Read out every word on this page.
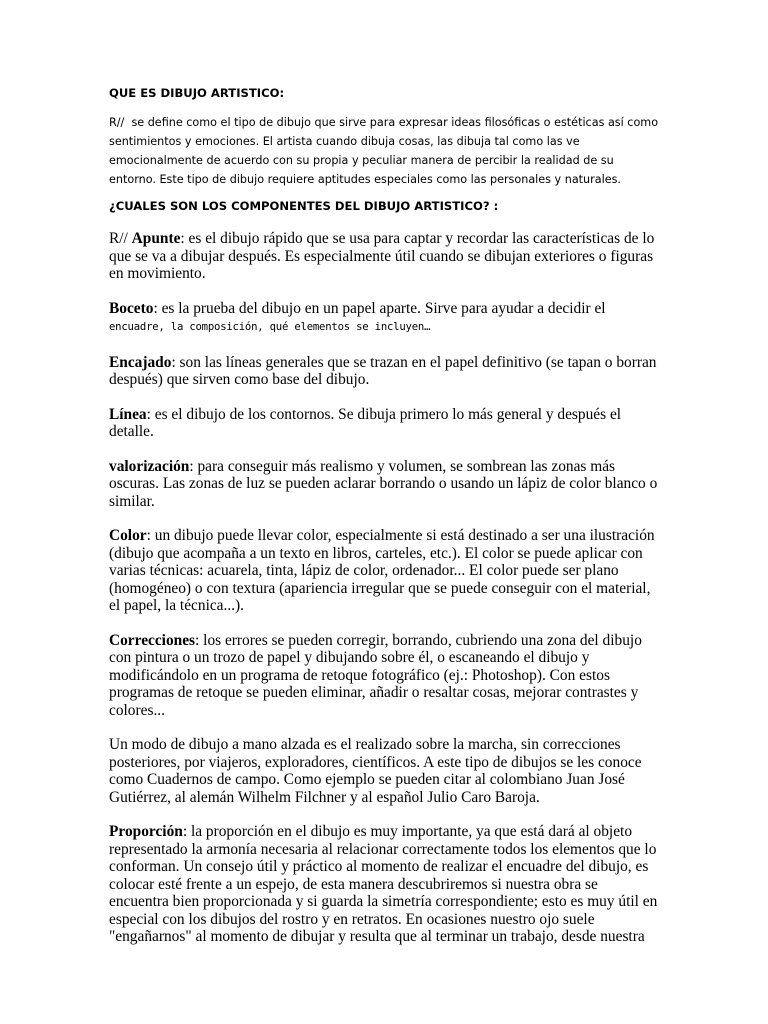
QUE ES DIBUJO ARTISTICO:

R//  se define como el tipo de dibujo que sirve para expresar ideas filosóficas o estéticas así como sentimientos y emociones. El artista cuando dibuja cosas, las dibuja tal como las ve emocionalmente de acuerdo con su propia y peculiar manera de percibir la realidad de su entorno. Este tipo de dibujo requiere aptitudes especiales como las personales y naturales.

¿CUALES SON LOS COMPONENTES DEL DIBUJO ARTISTICO? :

R// Apunte: es el dibujo rápido que se usa para captar y recordar las características de lo que se va a dibujar después. Es especialmente útil cuando se dibujan exteriores o figuras en movimiento.

Boceto: es la prueba del dibujo en un papel aparte. Sirve para ayudar a decidir el
encuadre, la composición, qué elementos se incluyen…

Encajado: son las líneas generales que se trazan en el papel definitivo (se tapan o borran después) que sirven como base del dibujo.

Línea: es el dibujo de los contornos. Se dibuja primero lo más general y después el detalle.

valorización: para conseguir más realismo y volumen, se sombrean las zonas más oscuras. Las zonas de luz se pueden aclarar borrando o usando un lápiz de color blanco o similar.

Color: un dibujo puede llevar color, especialmente si está destinado a ser una ilustración (dibujo que acompaña a un texto en libros, carteles, etc.). El color se puede aplicar con varias técnicas: acuarela, tinta, lápiz de color, ordenador... El color puede ser plano (homogéneo) o con textura (apariencia irregular que se puede conseguir con el material, el papel, la técnica...).

Correcciones: los errores se pueden corregir, borrando, cubriendo una zona del dibujo con pintura o un trozo de papel y dibujando sobre él, o escaneando el dibujo y modificándolo en un programa de retoque fotográfico (ej.: Photoshop). Con estos programas de retoque se pueden eliminar, añadir o resaltar cosas, mejorar contrastes y colores...

Un modo de dibujo a mano alzada es el realizado sobre la marcha, sin correcciones posteriores, por viajeros, exploradores, científicos. A este tipo de dibujos se les conoce como Cuadernos de campo. Como ejemplo se pueden citar al colombiano Juan José Gutiérrez, al alemán Wilhelm Filchner y al español Julio Caro Baroja.

Proporción: la proporción en el dibujo es muy importante, ya que está dará al objeto representado la armonía necesaria al relacionar correctamente todos los elementos que lo conforman. Un consejo útil y práctico al momento de realizar el encuadre del dibujo, es colocar esté frente a un espejo, de esta manera descubriremos si nuestra obra se encuentra bien proporcionada y si guarda la simetría correspondiente; esto es muy útil en especial con los dibujos del rostro y en retratos. En ocasiones nuestro ojo suele "engañarnos" al momento de dibujar y resulta que al terminar un trabajo, desde nuestra
